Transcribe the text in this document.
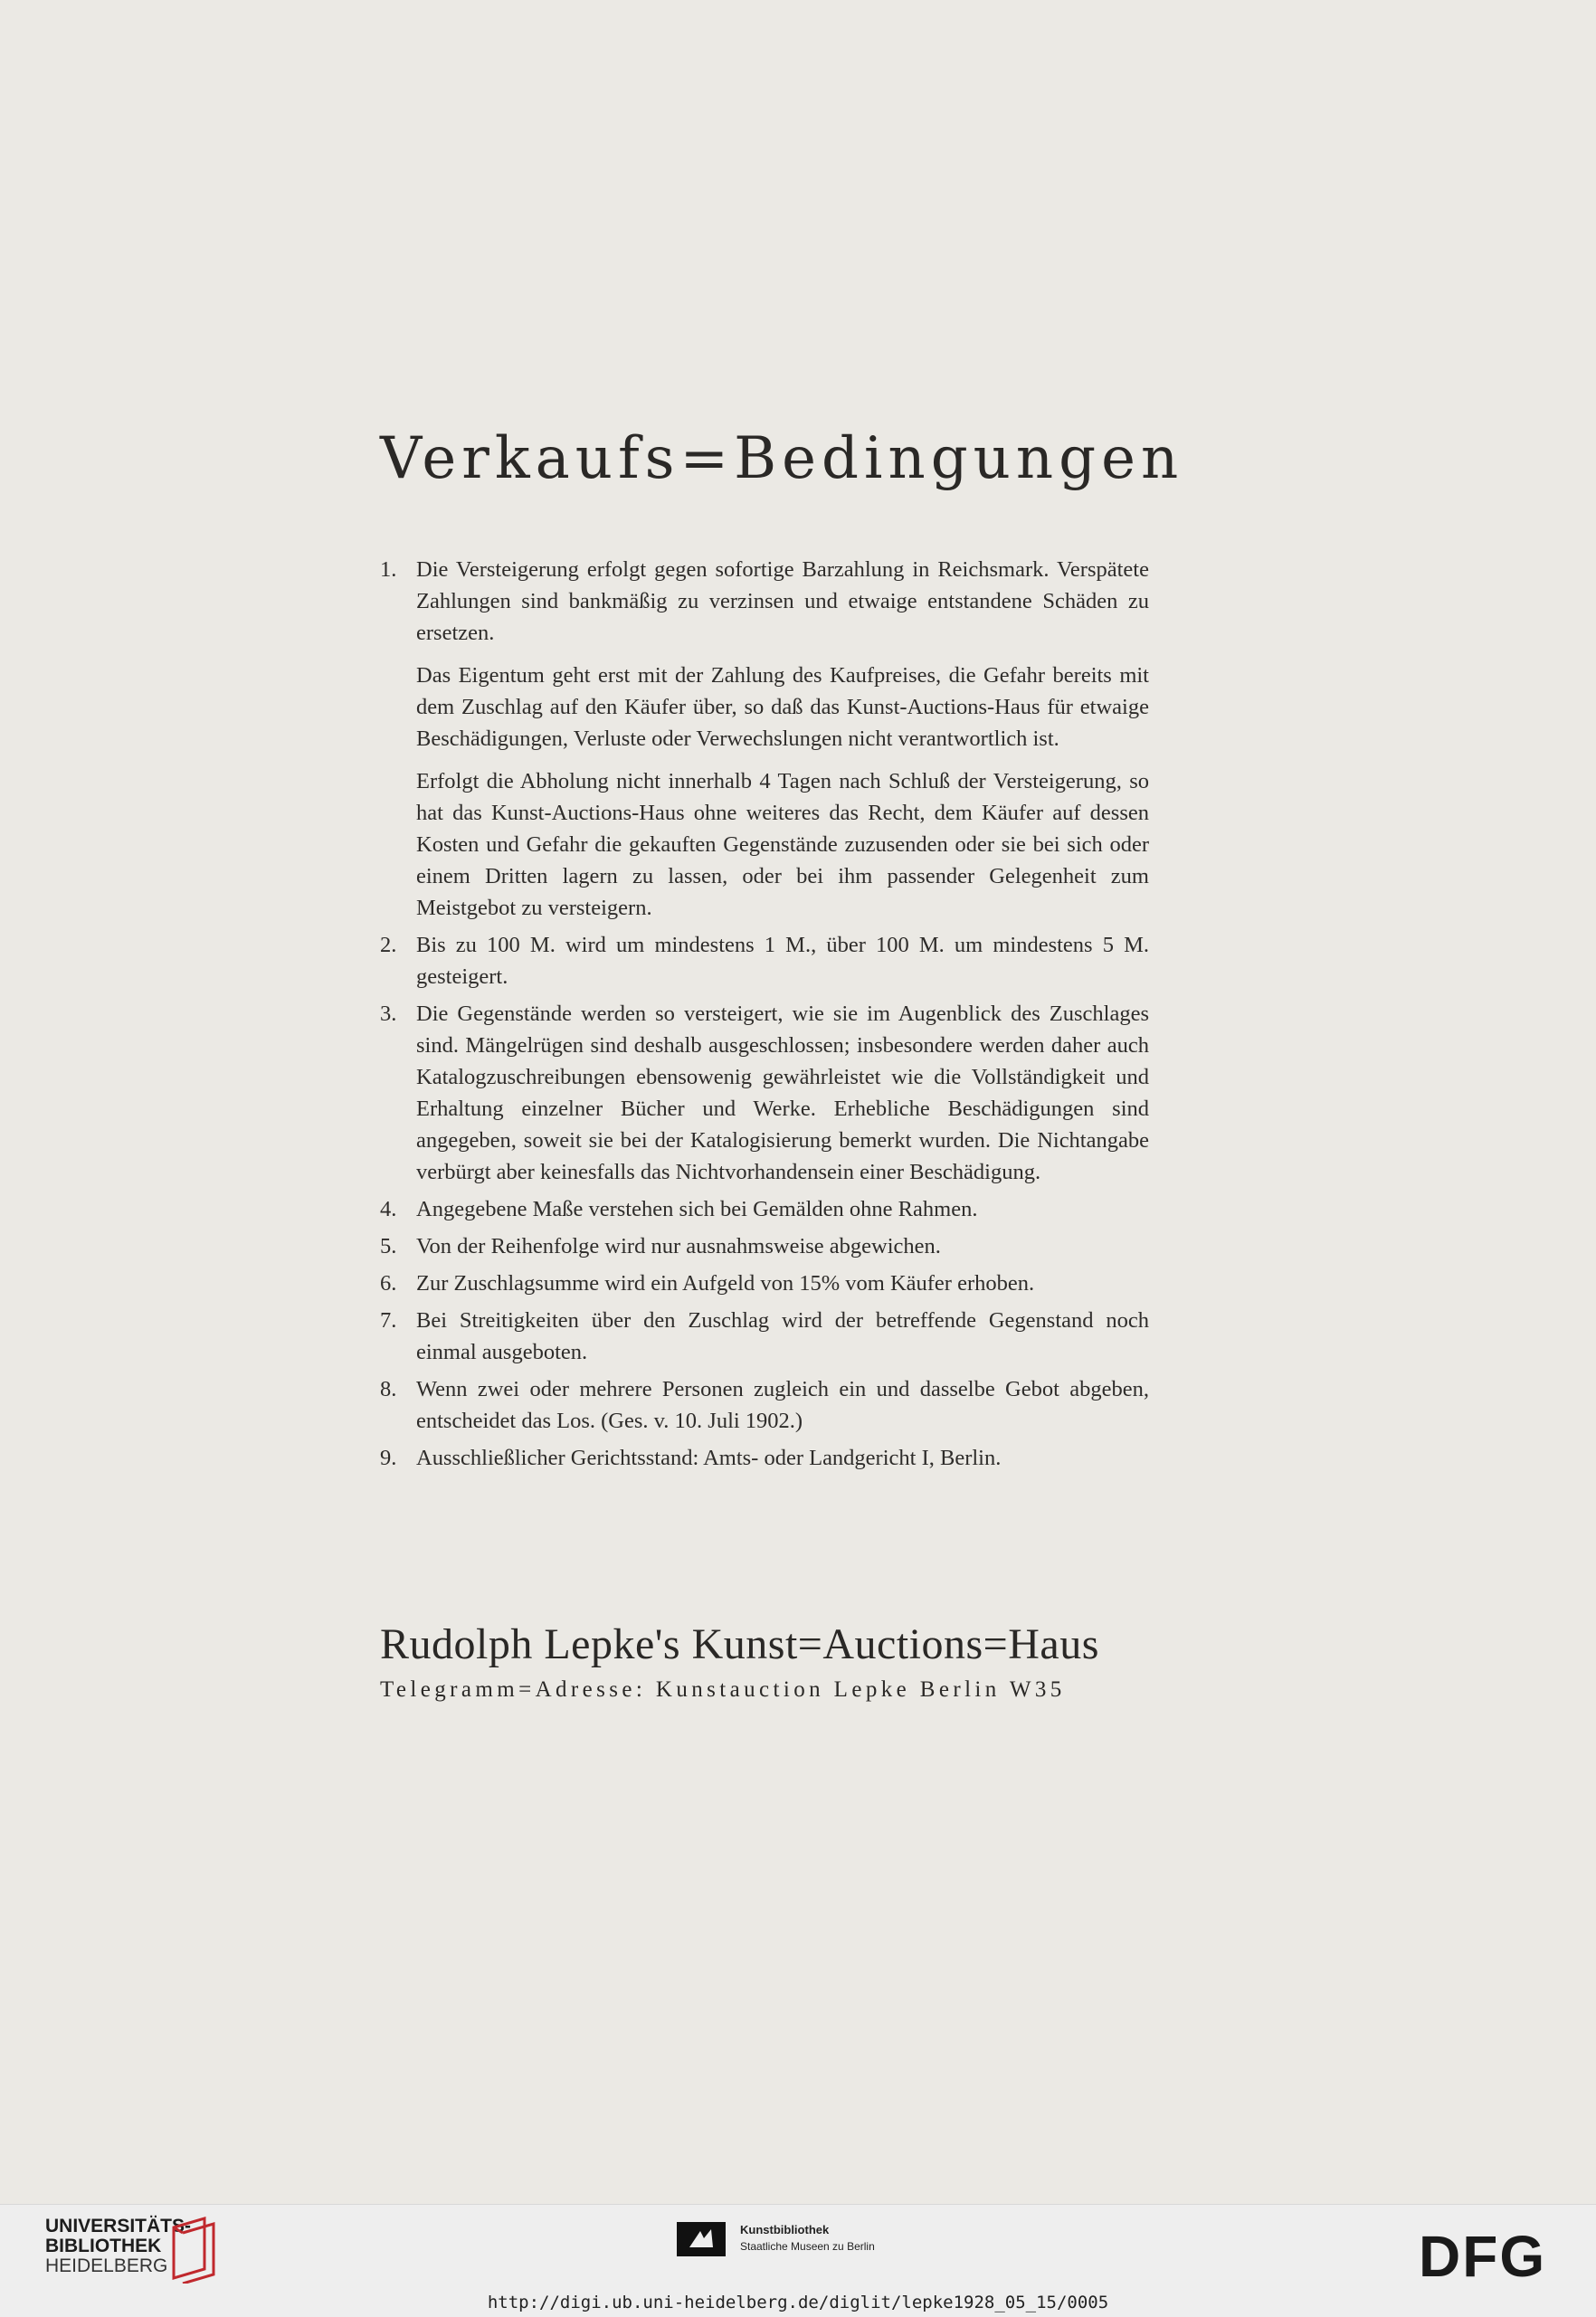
Verkaufs=Bedingungen
1. Die Versteigerung erfolgt gegen sofortige Barzahlung in Reichsmark. Verspätete Zahlungen sind bankmäßig zu verzinsen und etwaige entstandene Schäden zu ersetzen.

Das Eigentum geht erst mit der Zahlung des Kaufpreises, die Gefahr bereits mit dem Zuschlag auf den Käufer über, so daß das Kunst-Auctions-Haus für etwaige Beschädigungen, Verluste oder Verwechslungen nicht verantwortlich ist.

Erfolgt die Abholung nicht innerhalb 4 Tagen nach Schluß der Versteigerung, so hat das Kunst-Auctions-Haus ohne weiteres das Recht, dem Käufer auf dessen Kosten und Gefahr die gekauften Gegenstände zuzusenden oder sie bei sich oder einem Dritten lagern zu lassen, oder bei ihm passender Gelegenheit zum Meistgebot zu versteigern.

2. Bis zu 100 M. wird um mindestens 1 M., über 100 M. um mindestens 5 M. gesteigert.

3. Die Gegenstände werden so versteigert, wie sie im Augenblick des Zuschlages sind. Mängelrügen sind deshalb ausgeschlossen; insbesondere werden daher auch Katalogzuschreibungen ebensowenig gewährleistet wie die Vollständigkeit und Erhaltung einzelner Bücher und Werke. Erhebliche Beschädigungen sind angegeben, soweit sie bei der Katalogisierung bemerkt wurden. Die Nichtangabe verbürgt aber keinesfalls das Nichtvorhandensein einer Beschädigung.

4. Angegebene Maße verstehen sich bei Gemälden ohne Rahmen.

5. Von der Reihenfolge wird nur ausnahmsweise abgewichen.

6. Zur Zuschlagsumme wird ein Aufgeld von 15% vom Käufer erhoben.

7. Bei Streitigkeiten über den Zuschlag wird der betreffende Gegenstand noch einmal ausgeboten.

8. Wenn zwei oder mehrere Personen zugleich ein und dasselbe Gebot abgeben, entscheidet das Los. (Ges. v. 10. Juli 1902.)

9. Ausschließlicher Gerichtsstand: Amts- oder Landgericht I, Berlin.

Rudolph Lepke's Kunst=Auctions=Haus
Telegramm=Adresse: Kunstauction Lepke Berlin W35
UNIVERSITÄTS-
BIBLIOTHEK
HEIDELBERG
Kunstbibliothek
Staatliche Museen zu Berlin	DFG
http://digi.ub.uni-heidelberg.de/diglit/lepke1928_05_15/0005
